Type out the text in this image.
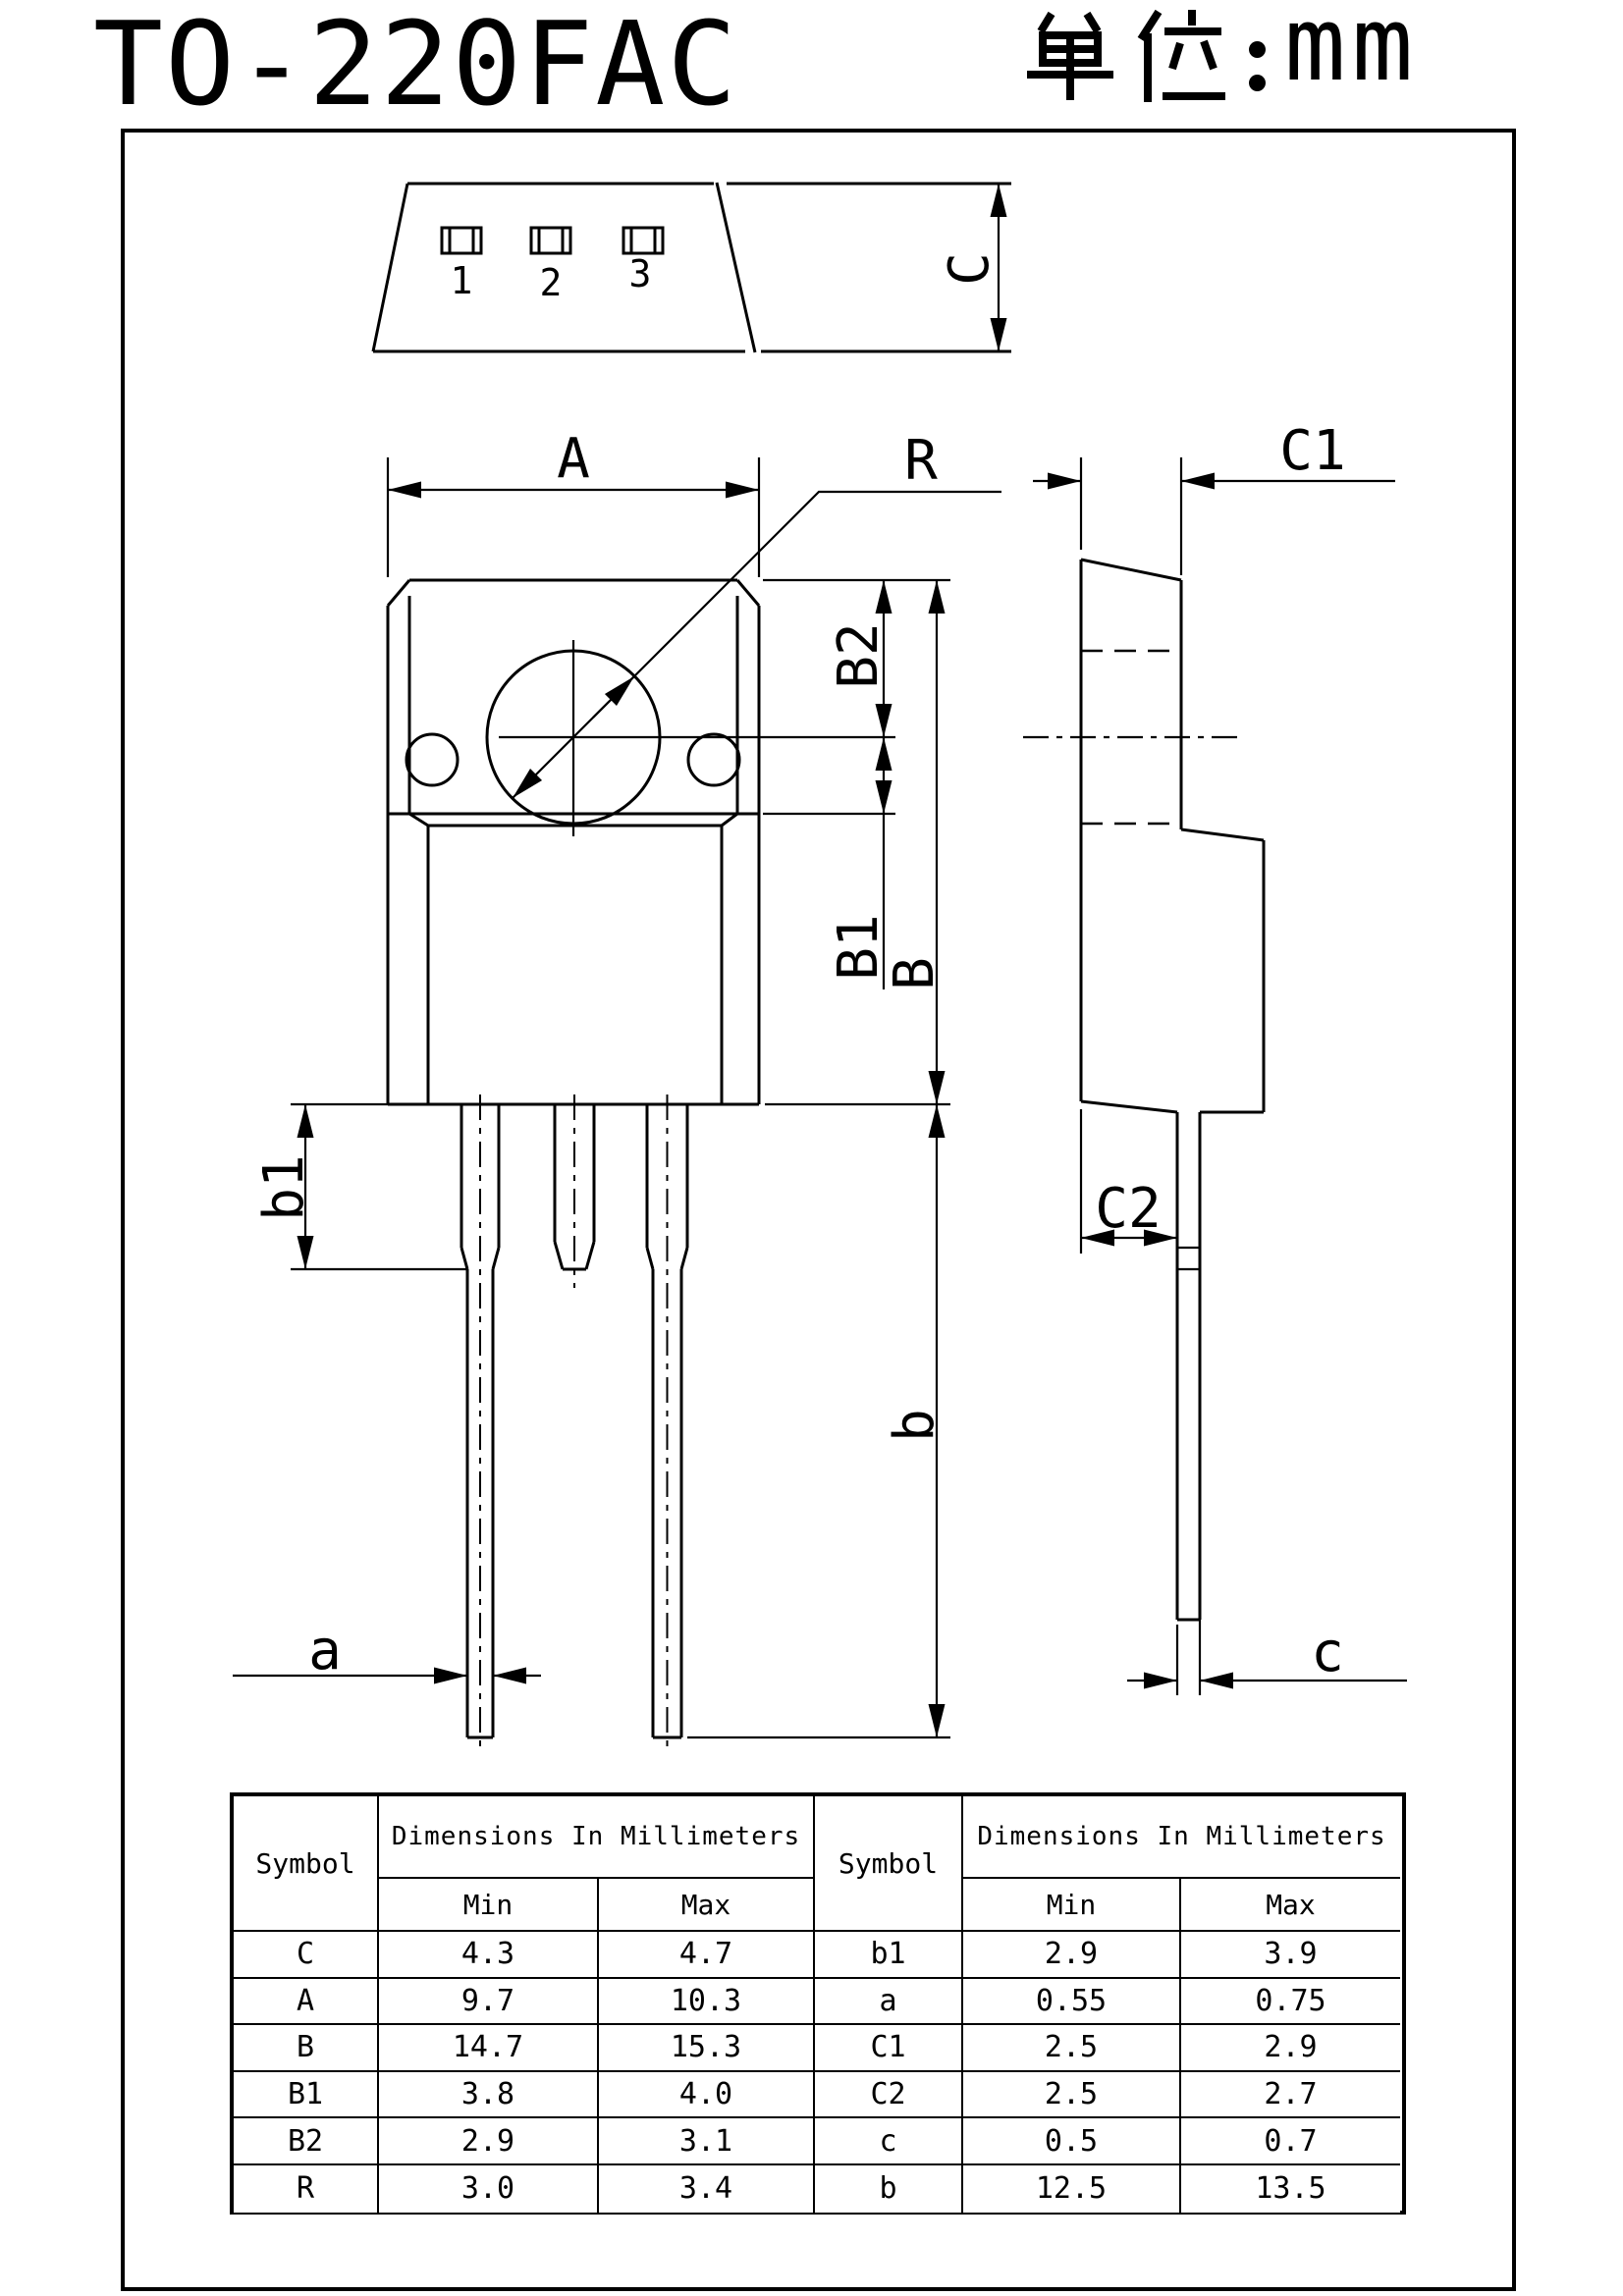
TO-220FAC	mm
C
1 2 3
A	R
B2
B1
B
b
b1
a
C1
C2
c
Symbol
Dimensions In Millimeters
Symbol
Dimensions In Millimeters
Min	Max	Min	Max
C	4.3	4.7	b1	2.9	3.9
A	9.7	10.3	a	0.55	0.75
B	14.7	15.3	C1	2.5	2.9
B1	3.8	4.0	C2	2.5	2.7
B2	2.9	3.1	c	0.5	0.7
R	3.0	3.4	b	12.5	13.5
